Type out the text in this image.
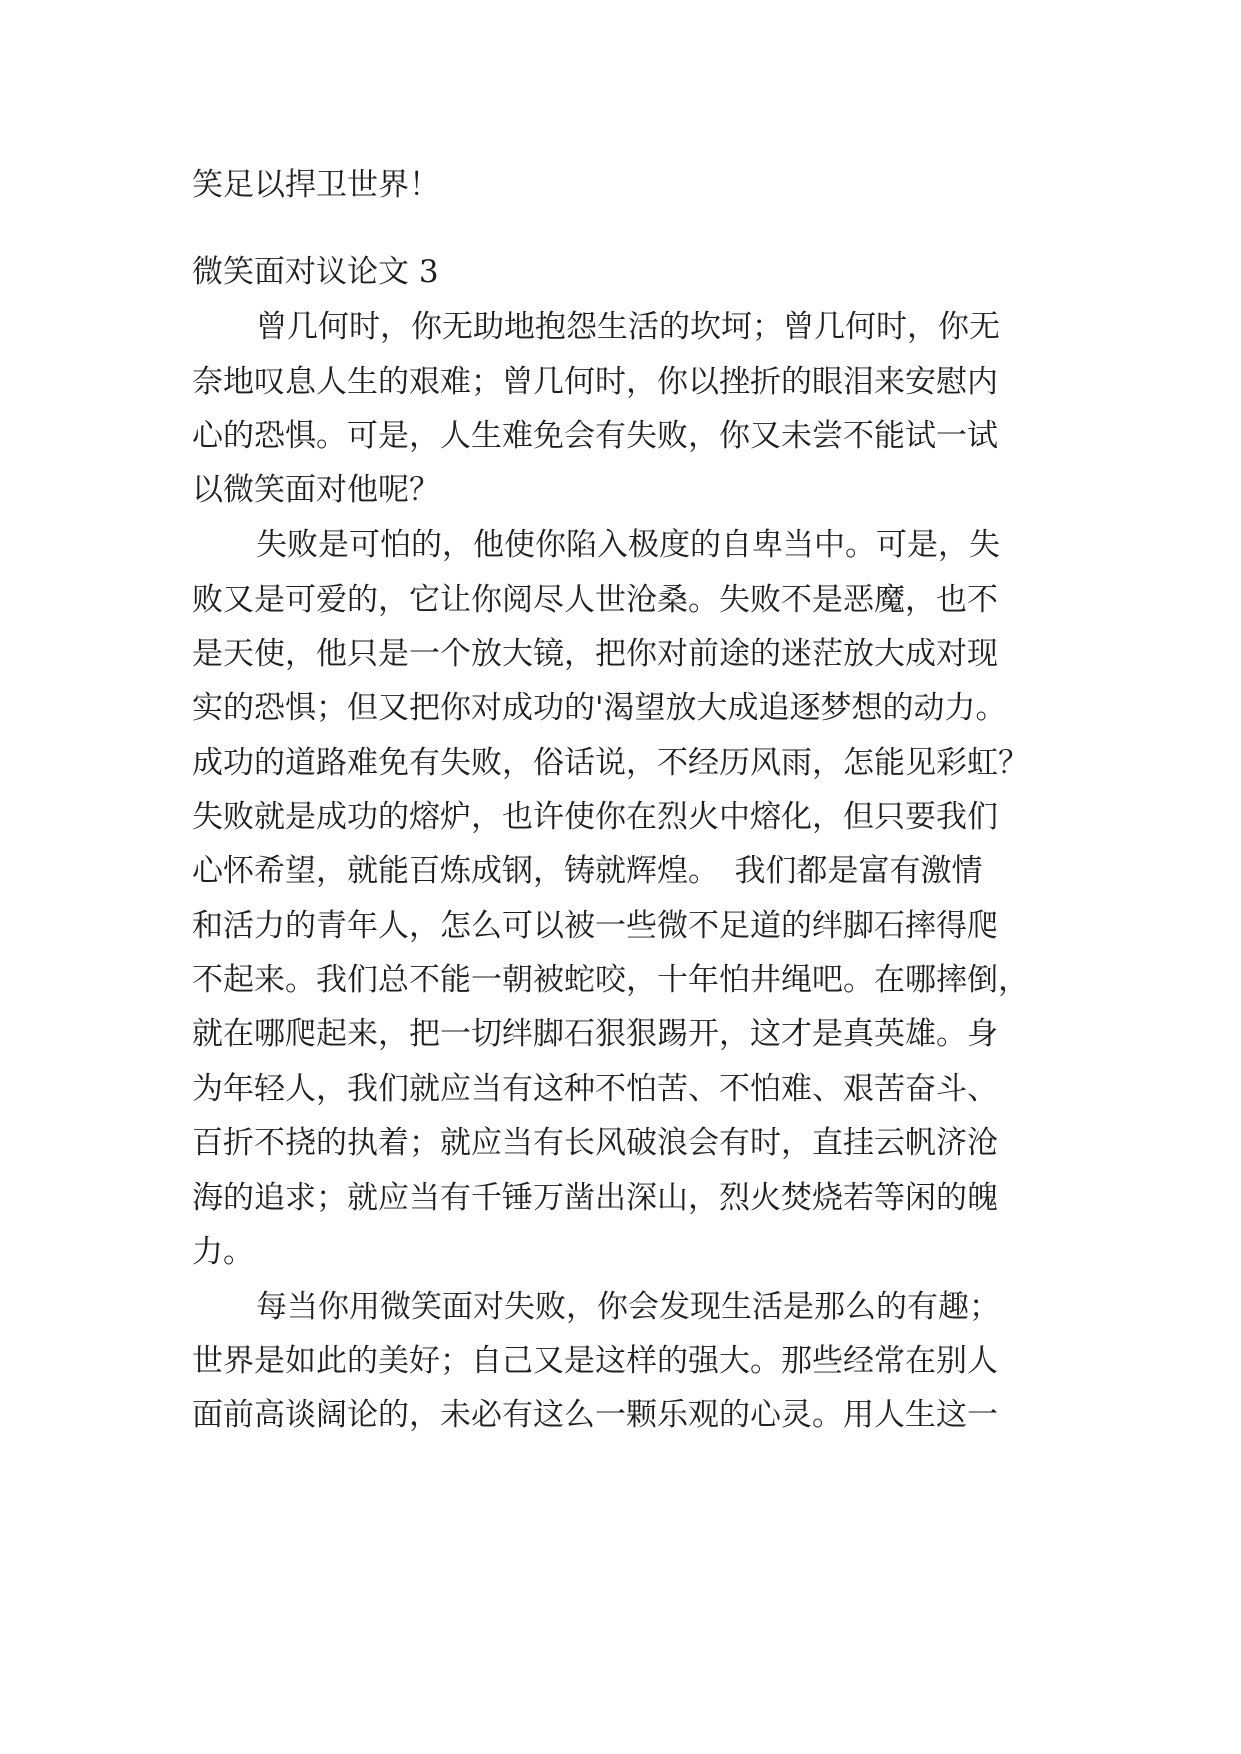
笑足以捍卫世界！

微笑面对议论文 3

曾几何时，你无助地抱怨生活的坎坷；曾几何时，你无

奈地叹息人生的艰难；曾几何时，你以挫折的眼泪来安慰内

心的恐惧。可是，人生难免会有失败，你又未尝不能试一试

以微笑面对他呢？

失败是可怕的，他使你陷入极度的自卑当中。可是，失

败又是可爱的，它让你阅尽人世沧桑。失败不是恶魔，也不

是天使，他只是一个放大镜，把你对前途的迷茫放大成对现

实的恐惧；但又把你对成功的'渴望放大成追逐梦想的动力。

成功的道路难免有失败，俗话说，不经历风雨，怎能见彩虹？

失败就是成功的熔炉，也许使你在烈火中熔化，但只要我们

心怀希望，就能百炼成钢，铸就辉煌。　我们都是富有激情

和活力的青年人，怎么可以被一些微不足道的绊脚石摔得爬

不起来。我们总不能一朝被蛇咬，十年怕井绳吧。在哪摔倒，

就在哪爬起来，把一切绊脚石狠狠踢开，这才是真英雄。身

为年轻人，我们就应当有这种不怕苦、不怕难、艰苦奋斗、

百折不挠的执着；就应当有长风破浪会有时，直挂云帆济沧

海的追求；就应当有千锤万凿出深山，烈火焚烧若等闲的魄

力。

每当你用微笑面对失败，你会发现生活是那么的有趣；

世界是如此的美好；自己又是这样的强大。那些经常在别人

面前高谈阔论的，未必有这么一颗乐观的心灵。用人生这一
